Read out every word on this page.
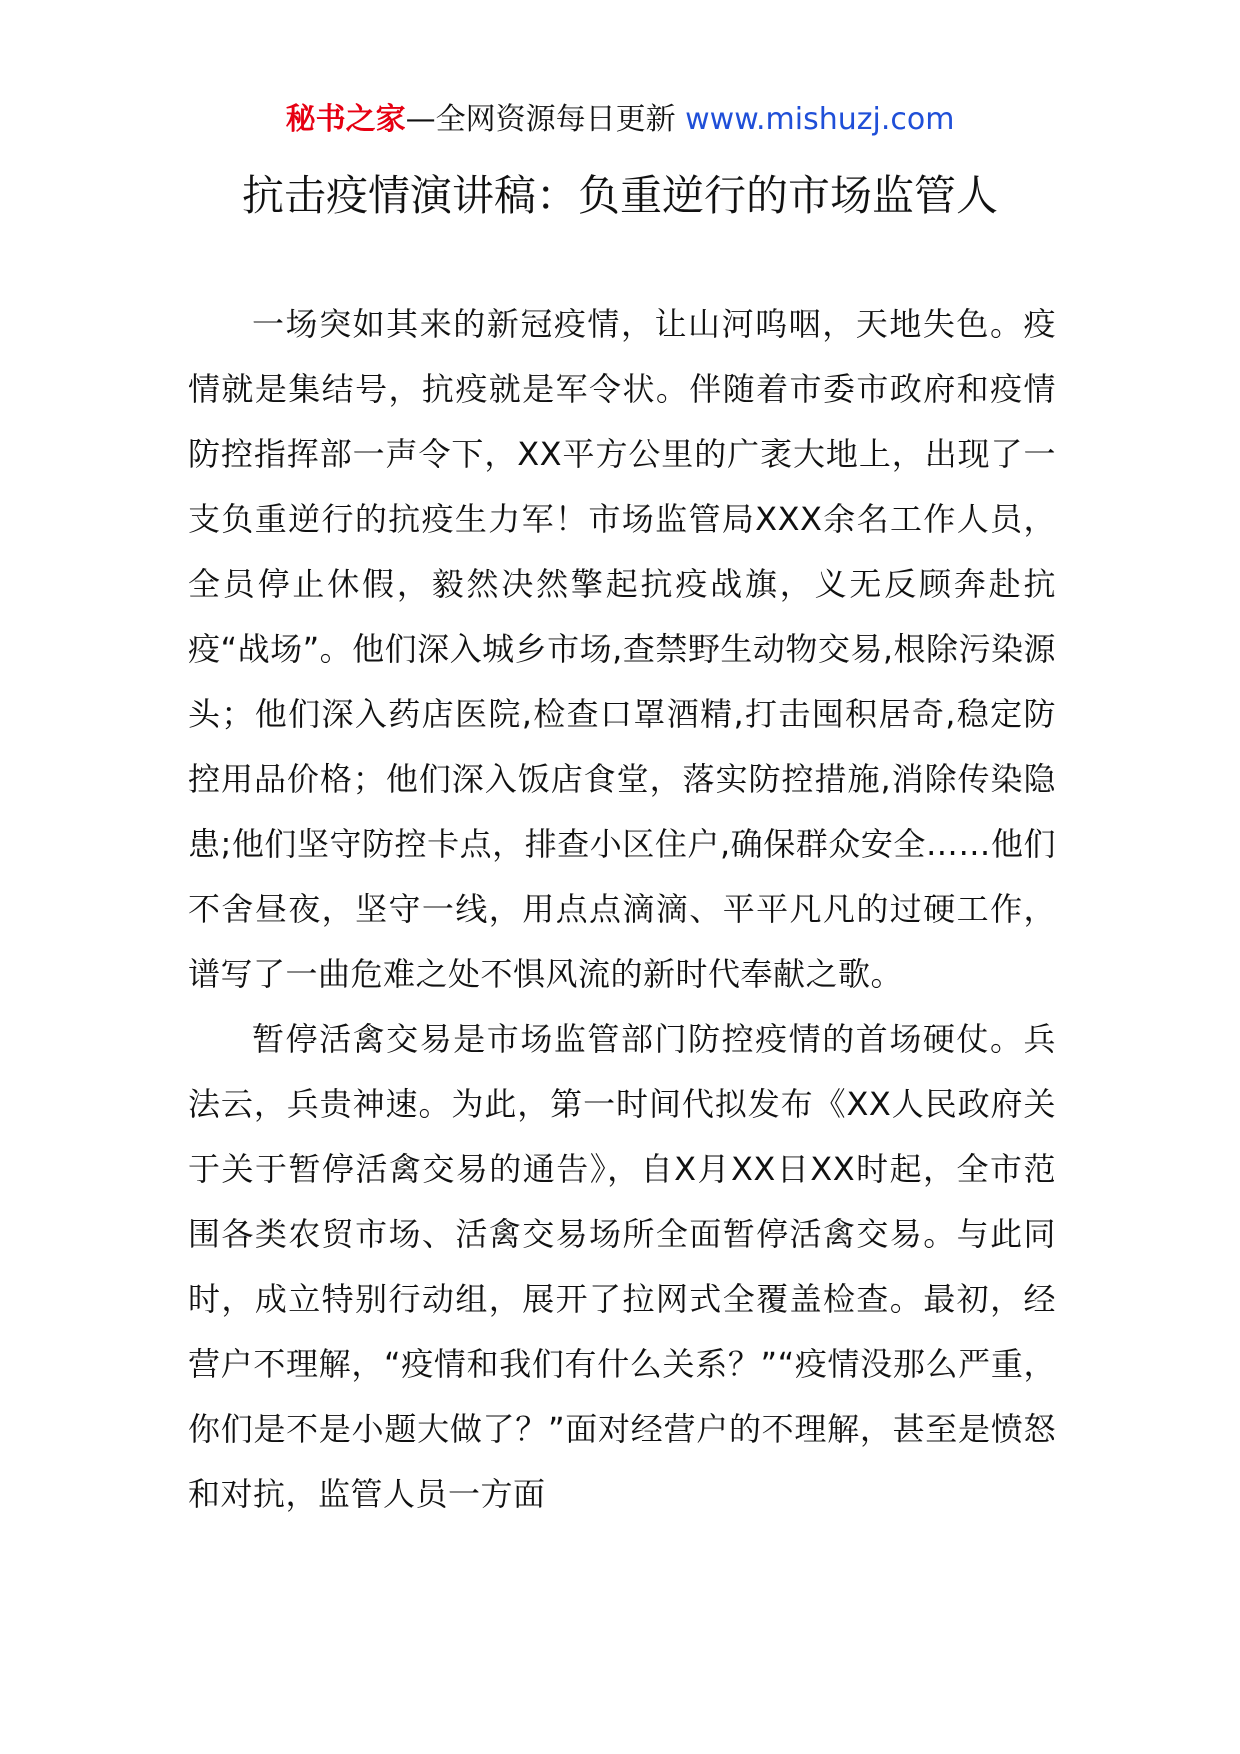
秘书之家—全网资源每日更新 www.mishuzj.com
抗击疫情演讲稿：负重逆行的市场监管人

一场突如其来的新冠疫情，让山河呜咽，天地失色。疫情就是集结号，抗疫就是军令状。伴随着市委市政府和疫情防控指挥部一声令下，XX平方公里的广袤大地上，出现了一支负重逆行的抗疫生力军！市场监管局XXX余名工作人员，全员停止休假，毅然决然擎起抗疫战旗，义无反顾奔赴抗疫“战场”。他们深入城乡市场,查禁野生动物交易,根除污染源头；他们深入药店医院,检查口罩酒精,打击囤积居奇,稳定防控用品价格；他们深入饭店食堂，落实防控措施,消除传染隐患;他们坚守防控卡点，排查小区住户,确保群众安全……他们不舍昼夜，坚守一线，用点点滴滴、平平凡凡的过硬工作，谱写了一曲危难之处不惧风流的新时代奉献之歌。

暂停活禽交易是市场监管部门防控疫情的首场硬仗。兵法云，兵贵神速。为此，第一时间代拟发布《XX人民政府关于关于暂停活禽交易的通告》，自X月XX日XX时起，全市范围各类农贸市场、活禽交易场所全面暂停活禽交易。与此同时，成立特别行动组，展开了拉网式全覆盖检查。最初，经营户不理解，“疫情和我们有什么关系？”“疫情没那么严重，你们是不是小题大做了？”面对经营户的不理解，甚至是愤怒和对抗，监管人员一方面
